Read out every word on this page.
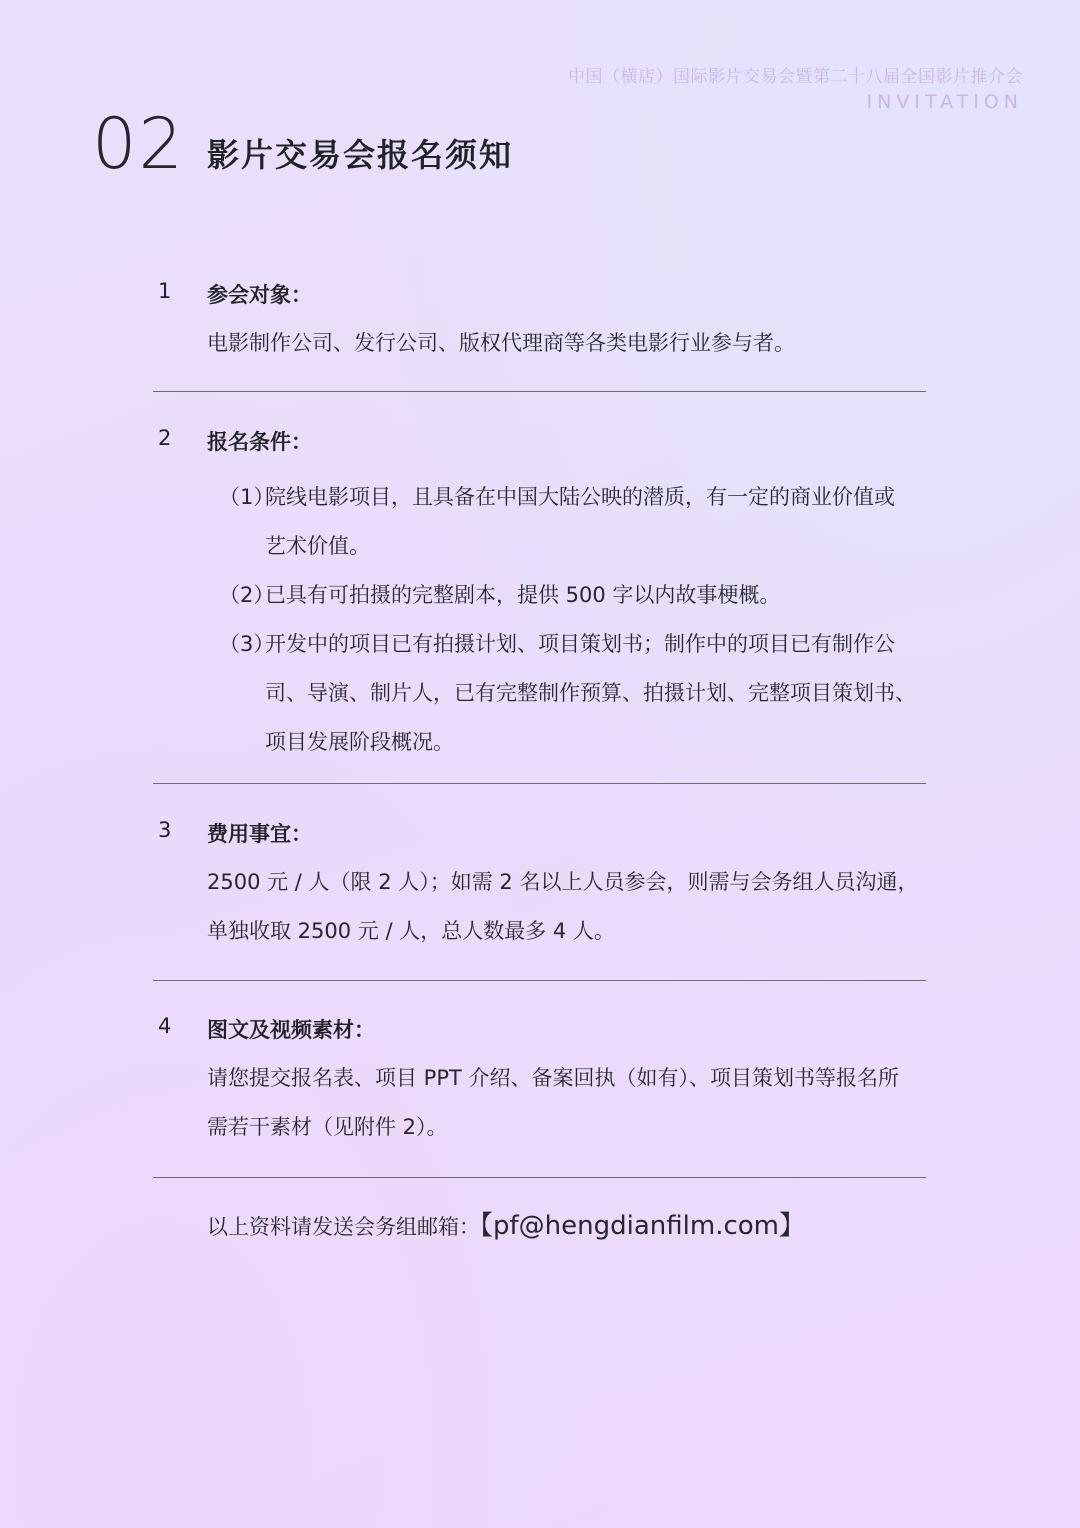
中国（横店）国际影片交易会暨第二十八届全国影片推介会
INVITATION
02 影片交易会报名须知
1 参会对象：
电影制作公司、发行公司、版权代理商等各类电影行业参与者。
2 报名条件：
（1）
院线电影项目，且具备在中国大陆公映的潜质，有一定的商业价值或
艺术价值。
（2）
已具有可拍摄的完整剧本，提供 500 字以内故事梗概。
（3）
开发中的项目已有拍摄计划、项目策划书；制作中的项目已有制作公
司、导演、制片人，已有完整制作预算、拍摄计划、完整项目策划书、
项目发展阶段概况。
3 费用事宜：
2500 元 / 人（限 2 人）；如需 2 名以上人员参会，则需与会务组人员沟通，
单独收取 2500 元 / 人，总人数最多 4 人。
4 图文及视频素材：
请您提交报名表、项目 PPT 介绍、备案回执（如有）、项目策划书等报名所
需若干素材（见附件 2）。
以上资料请发送会务组邮箱：【pf@hengdianfilm.com】
